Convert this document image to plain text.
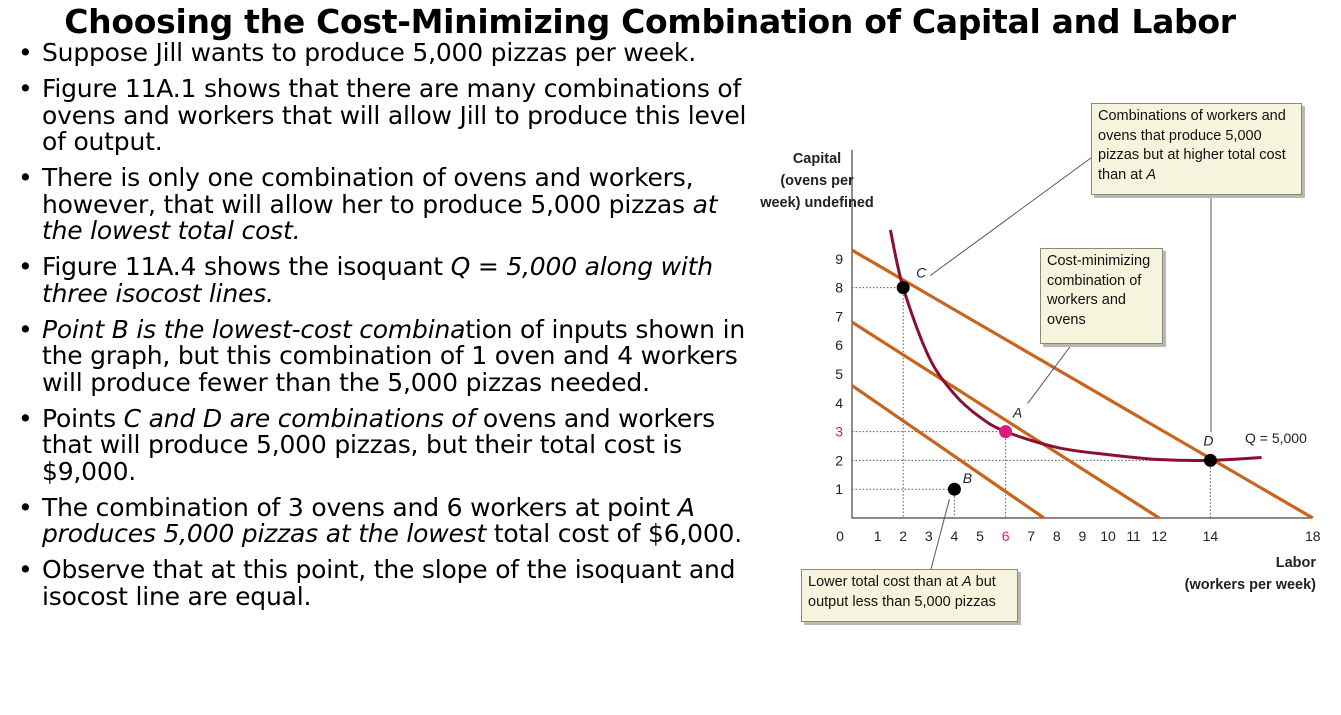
Choosing the Cost-Minimizing Combination of Capital and Labor
• Suppose Jill wants to produce 5,000 pizzas per week.
• Figure 11A.1 shows that there are many combinations of ovens and workers that will allow Jill to produce this level of output.
• There is only one combination of ovens and workers, however, that will allow her to produce 5,000 pizzas at the lowest total cost.
• Figure 11A.4 shows the isoquant Q = 5,000 along with three isocost lines.
• Point B is the lowest-cost combination of inputs shown in the graph, but this combination of 1 oven and 4 workers will produce fewer than the 5,000 pizzas needed.
• Points C and D are combinations of ovens and workers that will produce 5,000 pizzas, but their total cost is $9,000.
• The combination of 3 ovens and 6 workers at point A produces 5,000 pizzas at the lowest total cost of $6,000.
• Observe that at this point, the slope of the isoquant and isocost line are equal.
1
2
3
4
5
6
7
8
9
0 1 2 3 4 5 6 7 8 9 10 11 12	14	18
Q = 5,000
A
B
C
D
Capital
(ovens per
week) undefined
Labor
(workers per week)
Combinations of workers and ovens that produce 5,000 pizzas but at higher total cost than at A
Cost-minimizing combination of workers and ovens
Lower total cost than at A but output less than 5,000 pizzas
